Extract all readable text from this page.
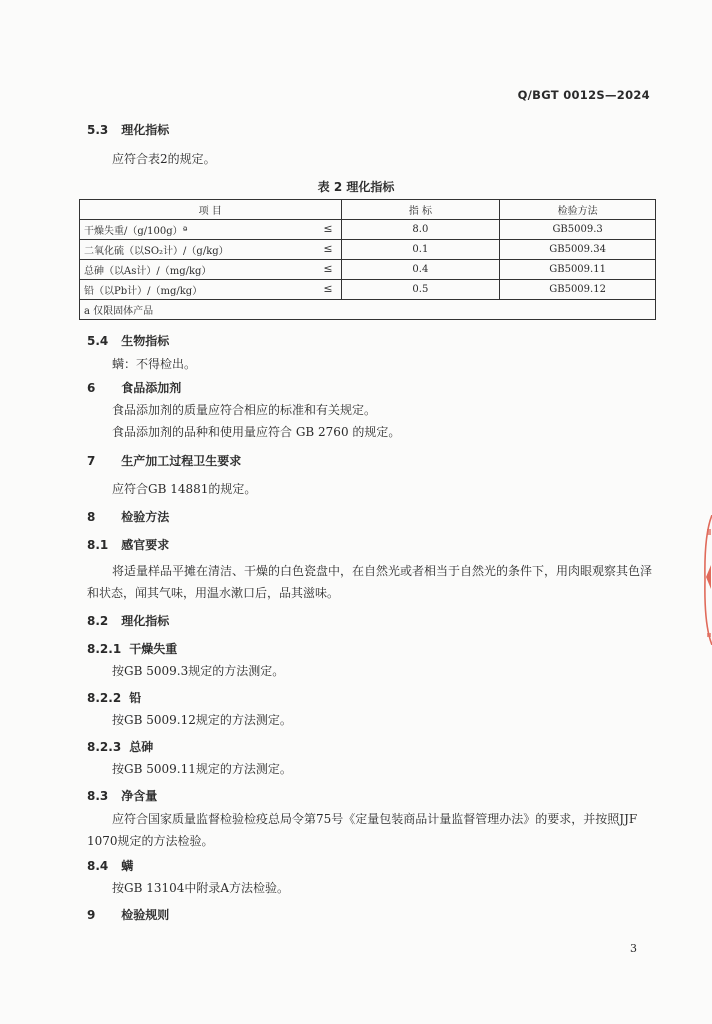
Q/BGT 0012S—2024
5.3 理化指标
应符合表2的规定。
表 2 理化指标
项 目	指 标	检验方法
干燥失重/（g/100g）ª ≤	8.0	GB5009.3
二氧化硫（以SO₂计）/（g/kg） ≤	0.1	GB5009.34
总砷（以As计）/（mg/kg） ≤	0.4	GB5009.11
铅（以Pb计）/（mg/kg） ≤	0.5	GB5009.12
a 仅限固体产品		
5.4 生物指标
螨：不得检出。
6 食品添加剂
食品添加剂的质量应符合相应的标准和有关规定。
食品添加剂的品种和使用量应符合 GB 2760 的规定。
7 生产加工过程卫生要求
应符合GB 14881的规定。
8 检验方法
8.1 感官要求
将适量样品平摊在清洁、干燥的白色瓷盘中，在自然光或者相当于自然光的条件下，用肉眼观察其色泽和状态，闻其气味，用温水漱口后，品其滋味。
8.2 理化指标
8.2.1 干燥失重
按GB 5009.3规定的方法测定。
8.2.2 铅
按GB 5009.12规定的方法测定。
8.2.3 总砷
按GB 5009.11规定的方法测定。
8.3 净含量
应符合国家质量监督检验检疫总局令第75号《定量包装商品计量监督管理办法》的要求，并按照JJF 1070规定的方法检验。
8.4 螨
按GB 13104中附录A方法检验。
9 检验规则
3
